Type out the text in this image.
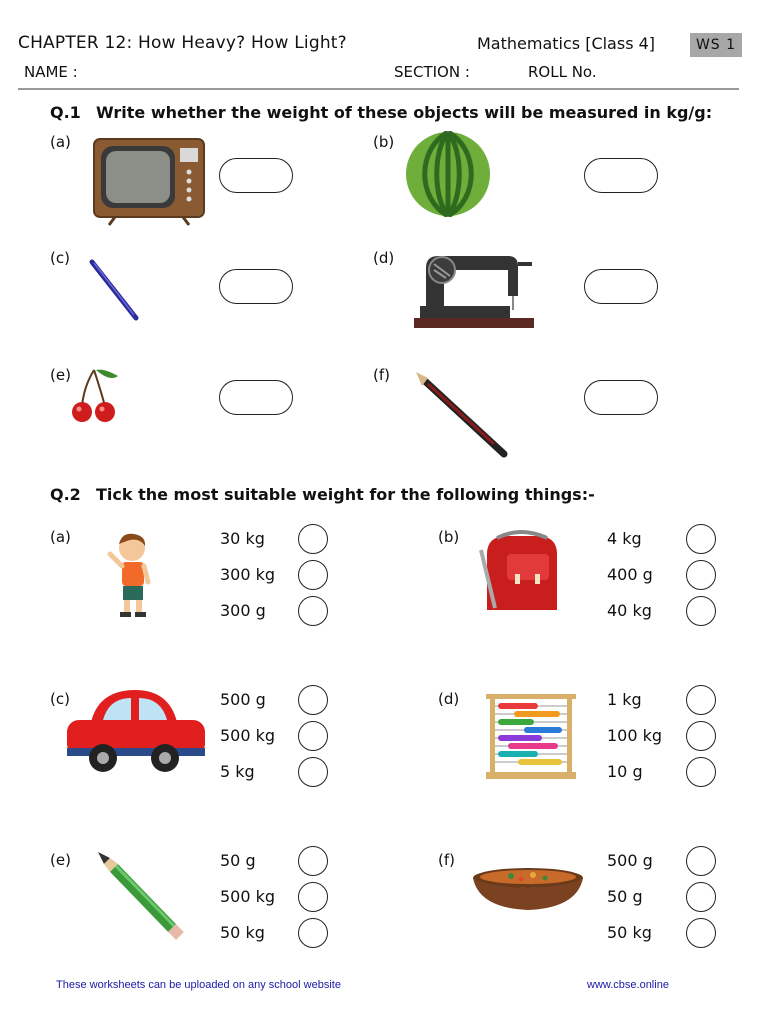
CHAPTER 12: How Heavy? How Light?	Mathematics [Class 4]	WS 1
NAME :	SECTION :	ROLL No.
Q.1 Write whether the weight of these objects will be measured in kg/g:
(a)	(b)
(c)	(d)
(e)	(f)
Q.2 Tick the most suitable weight for the following things:-
(a)	30 kg
300 kg
300 g
(b)	4 kg
400 g
40 kg
(c)	500 g
500 kg
5 kg
(d)	1 kg
100 kg
10 g
(e)	50 g
500 kg
50 kg
(f)	500 g
50 g
50 kg
These worksheets can be uploaded on any school website	www.cbse.online
